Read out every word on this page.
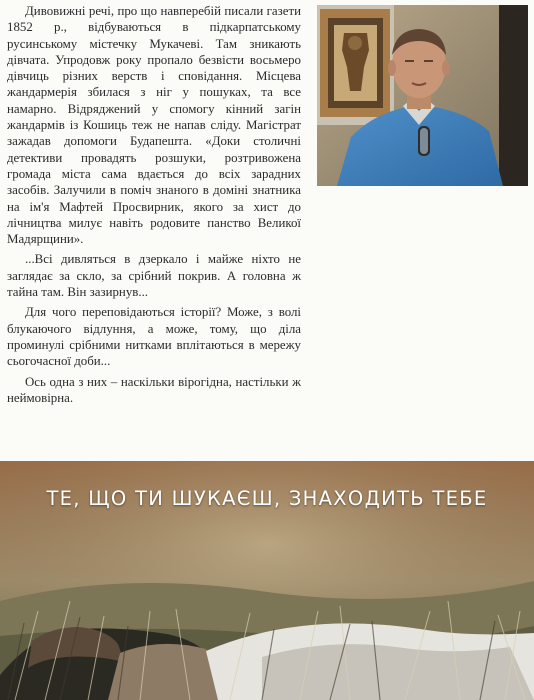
Дивовижні речі, про що навперебій писали газети 1852 р., відбуваються в підкарпатському русинському містечку Мукачеві. Там зникають дівчата. Упродовж року пропало безвісти восьмеро дівчиць різних верств і сповідання. Місцева жандармерія збилася з ніг у пошуках, та все намарно. Відряджений у спомогу кінний загін жандармів із Кошиць теж не напав сліду. Магістрат зажадав допомоги Будапешта. «Доки столичні детективи провадять розшуки, розтривожена громада міста сама вдається до всіх зарадних засобів. Залучили в поміч знаного в доміні знатника на ім'я Мафтей Просвирник, якого за хист до лічництва милує навіть родовите панство Великої Мадярщини».

...Всі дивляться в дзеркало і майже ніхто не заглядає за скло, за срібний покрив. А головна ж тайна там. Він зазирнув...

Для чого переповідаються історії? Може, з волі блукаючого відлуння, а може, тому, що діла проминулі срібними нитками вплітаються в мережу сьогочасної доби...

Ось одна з них – наскільки вірогідна, настільки ж неймовірна.

ТЕ, ЩО ТИ ШУКАЄШ, ЗНАХОДИТЬ ТЕБЕ
